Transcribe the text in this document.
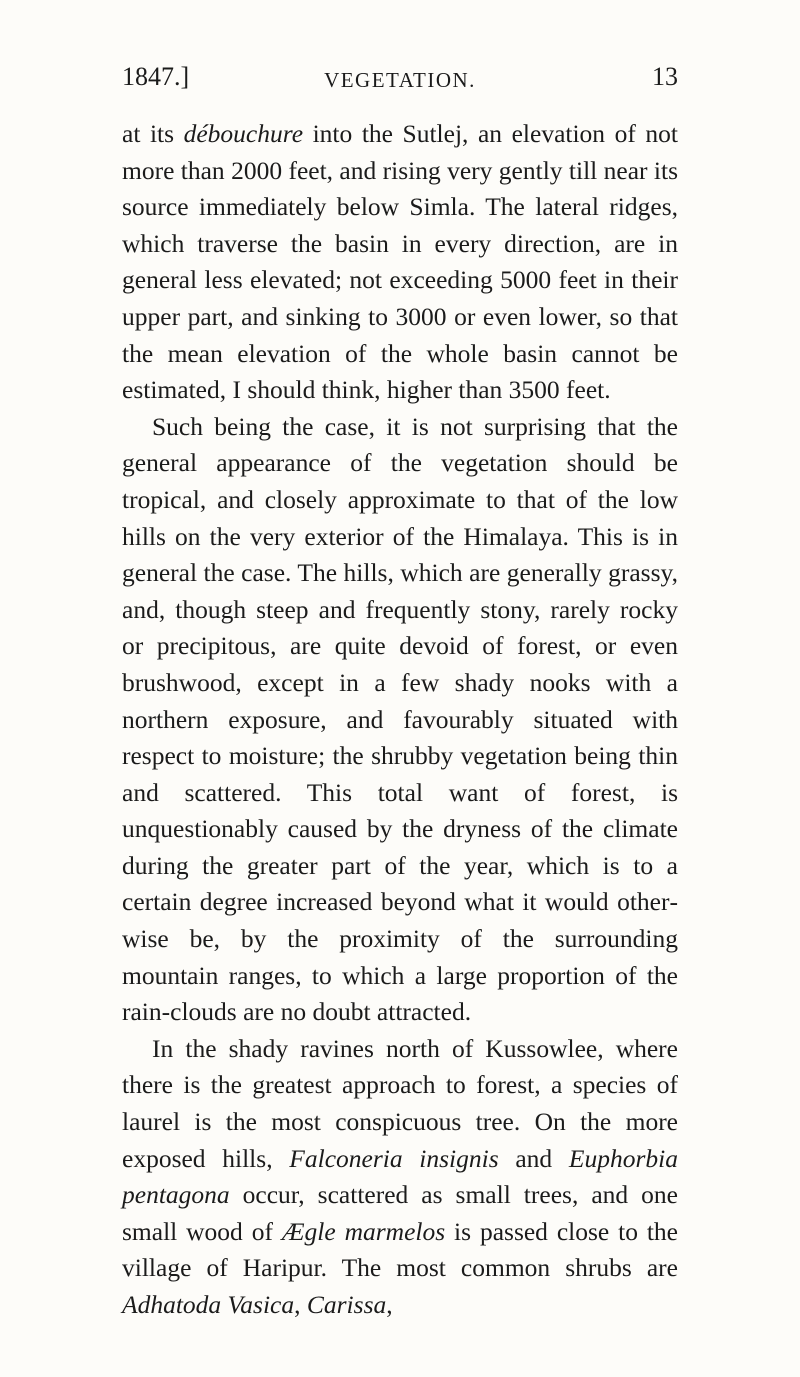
1847.]	VEGETATION.	13

at its débouchure into the Sutlej, an elevation of not more than 2000 feet, and rising very gently till near its source immediately below Simla. The lateral ridges, which traverse the basin in every direction, are in general less elevated; not exceeding 5000 feet in their upper part, and sinking to 3000 or even lower, so that the mean elevation of the whole basin cannot be estimated, I should think, higher than 3500 feet.

Such being the case, it is not surprising that the general appearance of the vegetation should be tropical, and closely approximate to that of the low hills on the very exterior of the Himalaya. This is in general the case. The hills, which are generally grassy, and, though steep and frequently stony, rarely rocky or precipitous, are quite devoid of forest, or even brushwood, except in a few shady nooks with a northern exposure, and favourably situated with respect to moisture; the shrubby vegetation being thin and scattered. This total want of forest, is unquestionably caused by the dryness of the climate during the greater part of the year, which is to a certain degree increased beyond what it would otherwise be, by the proximity of the surrounding mountain ranges, to which a large proportion of the rain-clouds are no doubt attracted.

In the shady ravines north of Kussowlee, where there is the greatest approach to forest, a species of laurel is the most conspicuous tree. On the more exposed hills, Falconeria insignis and Euphorbia pentagona occur, scattered as small trees, and one small wood of Ægle marmelos is passed close to the village of Haripur. The most common shrubs are Adhatoda Vasica, Carissa,
